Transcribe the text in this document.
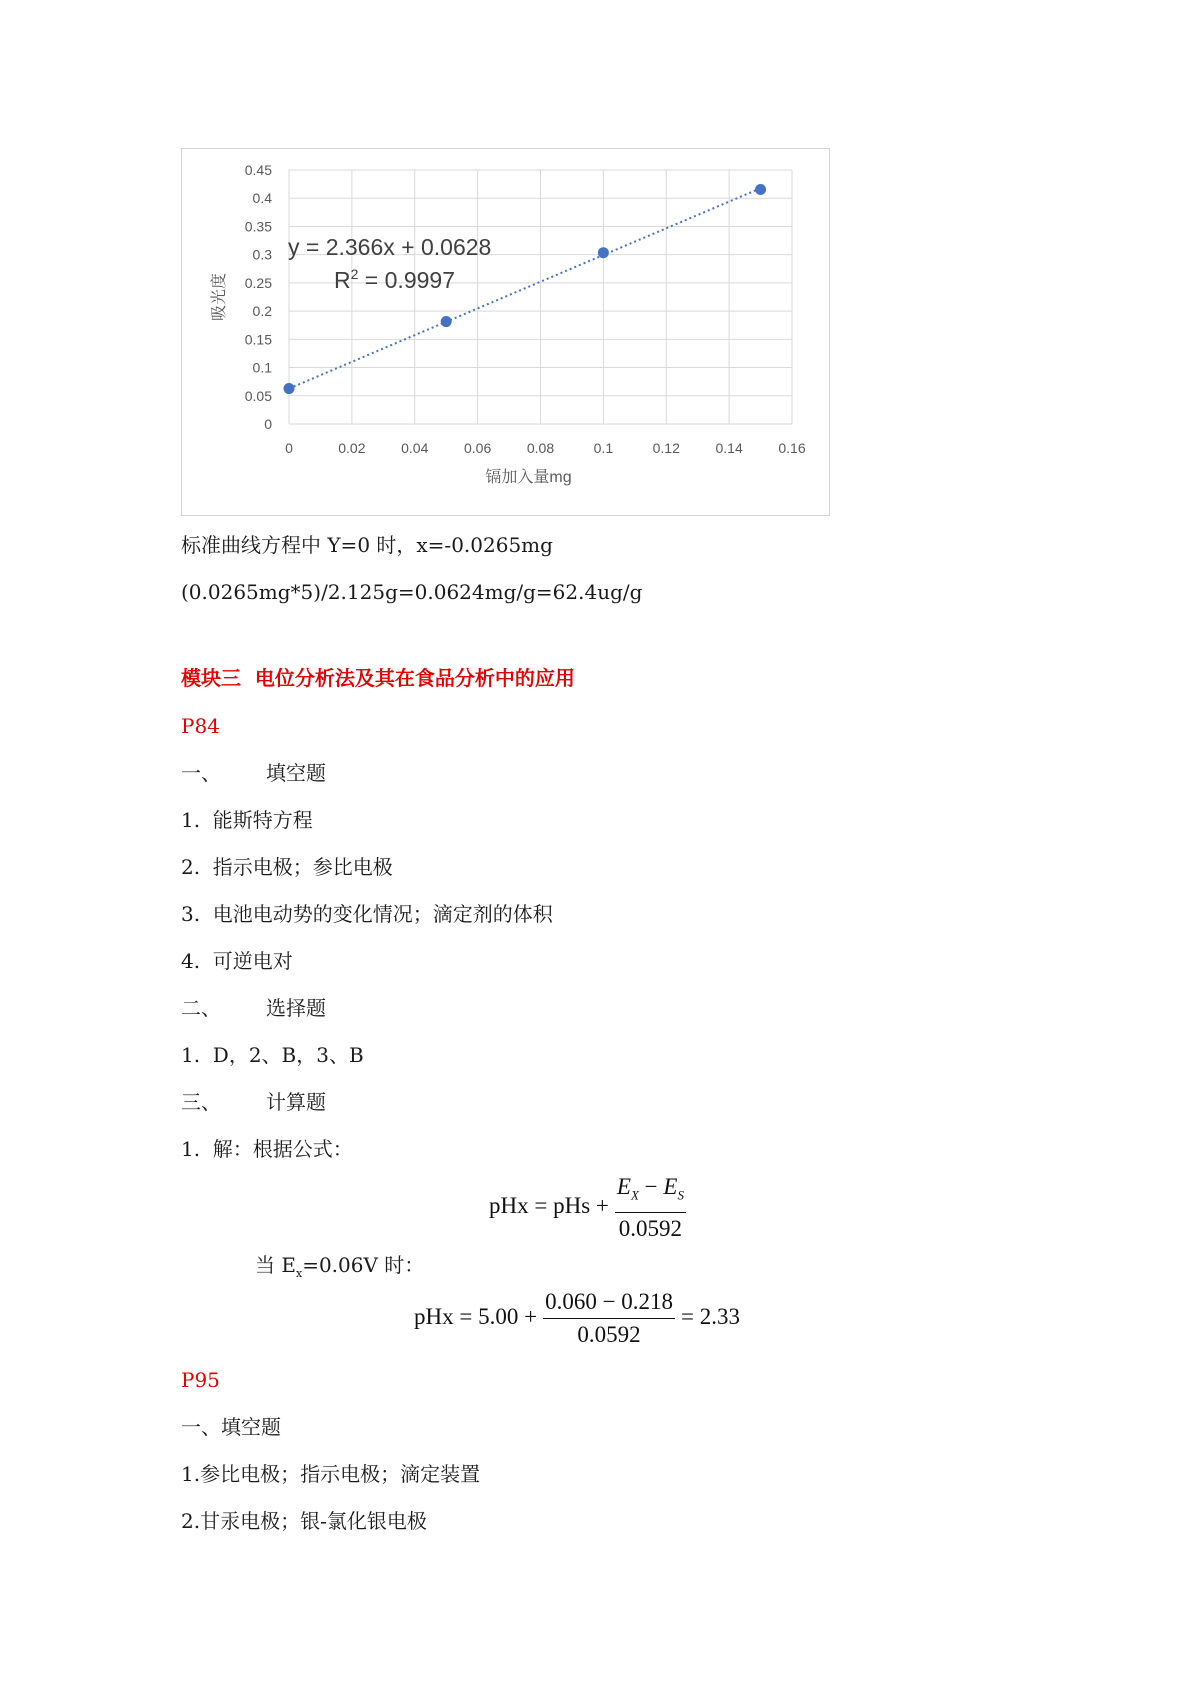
0
0.05
0.1
0.15
0.2
0.25
0.3
0.35
0.4
0.45
0	0.02	0.04	0.06	0.08	0.1	0.12	0.14	0.16
镉加入量mg
吸光度
y = 2.366x + 0.0628
$R^2 = 0.9997$
标准曲线方程中 Y=0 时，x=-0.0265mg
(0.0265mg*5)/2.125g=0.0624mg/g=62.4ug/g
模块三  电位分析法及其在食品分析中的应用
P84
一、 填空题
1.  能斯特方程
2.  指示电极；参比电极
3.  电池电动势的变化情况；滴定剂的体积
4.  可逆电对
二、 选择题
1.  D，2、B，3、B
三、 计算题
1.  解：根据公式：
pHx = pHs + $\frac{E_X - E_S}{0.0592}$
当 $E_x=0.06V$ 时：
pHx = $5.00 + \frac{0.060 - 0.218}{0.0592} = 2.33$
P95
一、填空题
1.参比电极；指示电极；滴定装置
2.甘汞电极；银-氯化银电极
